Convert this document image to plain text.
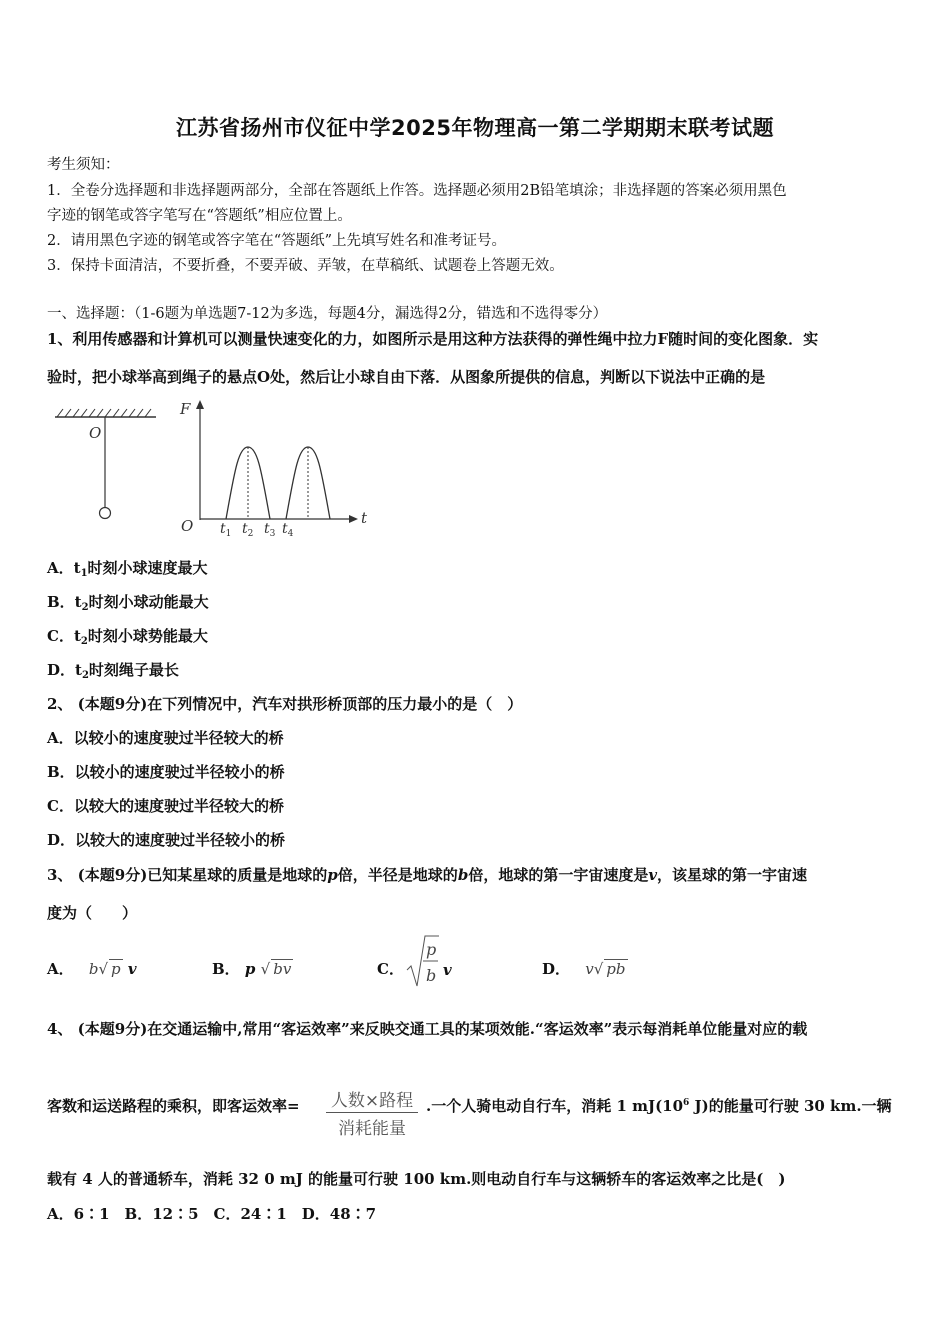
江苏省扬州市仪征中学2025年物理高一第二学期期末联考试题
考生须知：
1．全卷分选择题和非选择题两部分，全部在答题纸上作答。选择题必须用2B铅笔填涂；非选择题的答案必须用黑色
字迹的钢笔或答字笔写在“答题纸”相应位置上。
2．请用黑色字迹的钢笔或答字笔在“答题纸”上先填写姓名和准考证号。
3．保持卡面清洁，不要折叠，不要弄破、弄皱，在草稿纸、试题卷上答题无效。
一、选择题：（1-6题为单选题7-12为多选，每题4分，漏选得2分，错选和不选得零分）
1、利用传感器和计算机可以测量快速变化的力，如图所示是用这种方法获得的弹性绳中拉力F随时间的变化图象．实
验时，把小球举高到绳子的悬点O处，然后让小球自由下落．从图象所提供的信息，判断以下说法中正确的是
O
F
t
O $t_1$ $t_2$ $t_3$ $t_4$
A．$t_1$时刻小球速度最大
B．$t_2$时刻小球动能最大
C．$t_2$时刻小球势能最大
D．$t_2$时刻绳子最长
2、 (本题9分)在下列情况中，汽车对拱形桥顶部的压力最小的是（　）
A．以较小的速度驶过半径较大的桥
B．以较小的速度驶过半径较小的桥
C．以较大的速度驶过半径较大的桥
D．以较大的速度驶过半径较小的桥
3、 (本题9分)已知某星球的质量是地球的p倍，半径是地球的b倍，地球的第一宇宙速度是v，该星球的第一宇宙速
度为（　　）
A． b√ p v	B． p √ bv	C．
p
b v	D． v√ pb
4、 (本题9分)在交通运输中,常用“客运效率”来反映交通工具的某项效能.“客运效率”表示每消耗单位能量对应的载
客数和运送路程的乘积，即客运效率=	人数×路程
消耗能量
.一个人骑电动自行车，消耗 1 $mJ(10^6$ J)的能量可行驶 30 km.一辆
载有 4 人的普通轿车，消耗 32 0 mJ 的能量可行驶 100 km.则电动自行车与这辆轿车的客运效率之比是(　)
A．6∶1　B．12∶5　C．24∶1　D．48∶7
